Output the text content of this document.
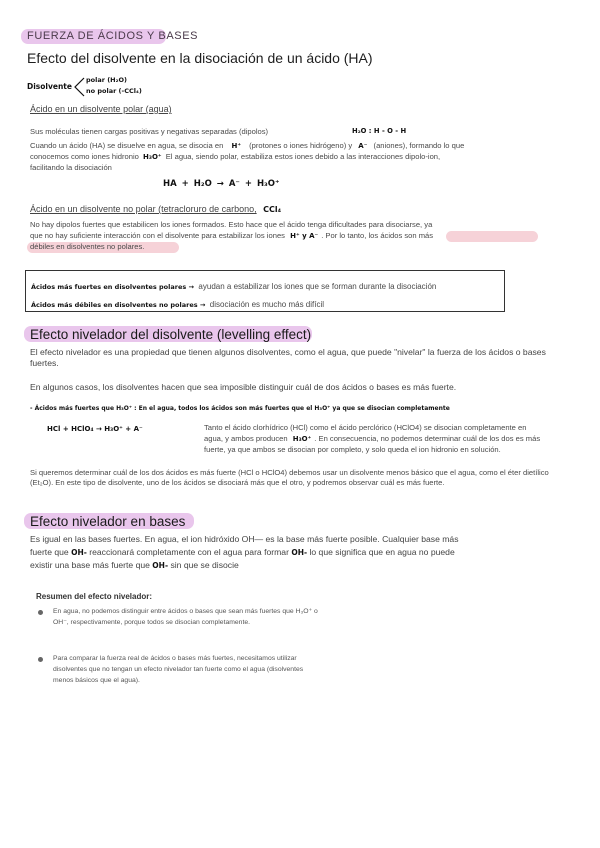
FUERZA DE ÁCIDOS Y BASES
Efecto del disolvente en la disociación de un ácido (HA)
Disolvente
polar (H₂O)
no polar (-CCl₄)
Ácido en un disolvente polar (agua)
Sus moléculas tienen cargas positivas y negativas separadas (dipolos)	H₂O : H - O - H
Cuando un ácido (HA) se disuelve en agua, se disocia en H⁺ (protones o iones hidrógeno) y A⁻ (aniones), formando lo que
conocemos como iones hidronio H₃O⁺ El agua, siendo polar, estabiliza estos iones debido a las interacciones dipolo-ion,
facilitando la disociación
HA + H₂O → A⁻ + H₃O⁺
Ácido en un disolvente no polar (tetracloruro de carbono, CCl₄
No hay dipolos fuertes que estabilicen los iones formados. Esto hace que el ácido tenga dificultades para disociarse, ya
que no hay suficiente interacción con el disolvente para estabilizar los iones H⁺ y A⁻ . Por lo tanto, los ácidos son más
débiles en disolventes no polares.
Ácidos más fuertes en disolventes polares → ayudan a estabilizar los iones que se forman durante la disociación
Ácidos más débiles en disolventes no polares → disociación es mucho más difícil
Efecto nivelador del disolvente (levelling effect)
El efecto nivelador es una propiedad que tienen algunos disolventes, como el agua, que puede "nivelar" la fuerza de los ácidos o bases fuertes.
En algunos casos, los disolventes hacen que sea imposible distinguir cuál de dos ácidos o bases es más fuerte.
- Ácidos más fuertes que H₃O⁺ : En el agua, todos los ácidos son más fuertes que el H₃O⁺ ya que se disocian completamente
HCl + HClO₄ → H₃O⁺ + A⁻	Tanto el ácido clorhídrico (HCl) como el ácido perclórico (HClO4) se disocian completamente en
agua, y ambos producen H₃O⁺ . En consecuencia, no podemos determinar cuál de los dos es más
fuerte, ya que ambos se disocian por completo, y solo queda el ion hidronio en solución.
Si queremos determinar cuál de los dos ácidos es más fuerte (HCl o HClO4) debemos usar un disolvente menos básico que el agua, como el éter dietílico (Et₂O). En este tipo de disolvente, uno de los ácidos se disociará más que el otro, y podremos observar cuál es más fuerte.
Efecto nivelador en bases
Es igual en las bases fuertes. En agua, el ion hidróxido OH— es la base más fuerte posible. Cualquier base más
fuerte que OH- reaccionará completamente con el agua para formar OH- lo que significa que en agua no puede
existir una base más fuerte que OH- sin que se disocie
Resumen del efecto nivelador:
En agua, no podemos distinguir entre ácidos o bases que sean más fuertes que H₃O⁺ o OH⁻, respectivamente, porque todos se disocian completamente.
Para comparar la fuerza real de ácidos o bases más fuertes, necesitamos utilizar disolventes que no tengan un efecto nivelador tan fuerte como el agua (disolventes menos básicos que el agua).
